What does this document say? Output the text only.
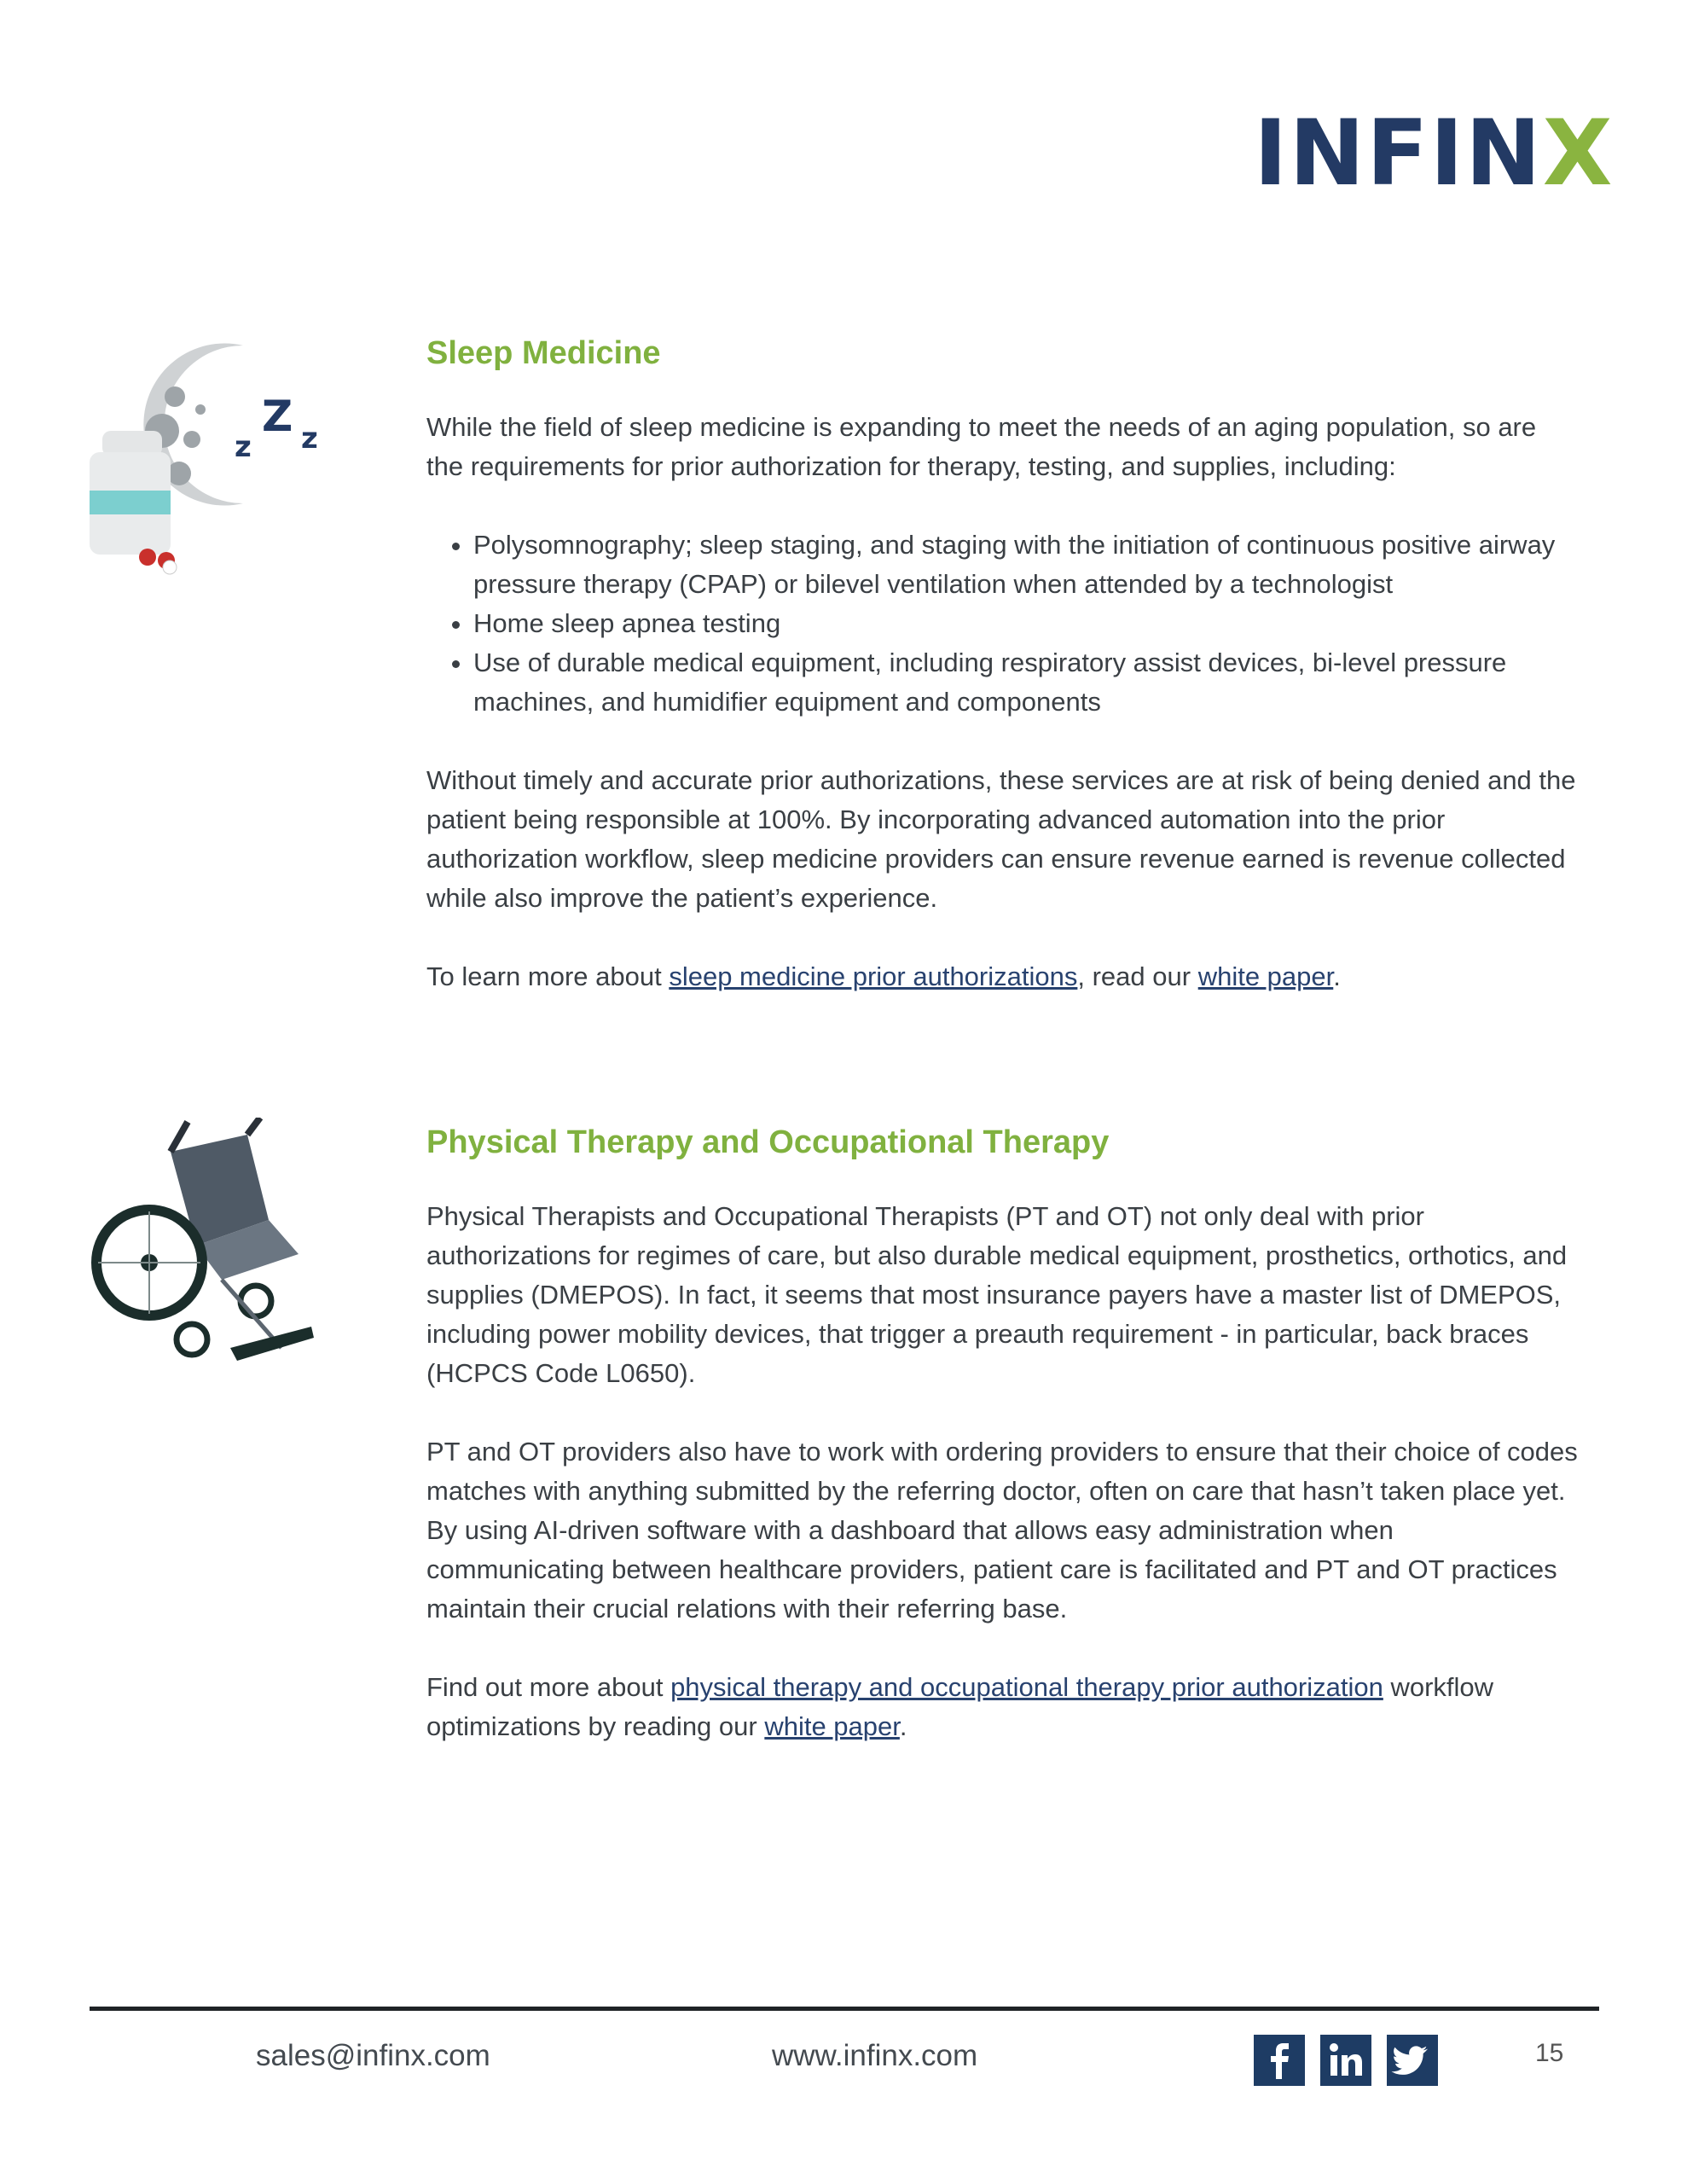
INFINX
z
Z z
Sleep Medicine

While the field of sleep medicine is expanding to meet the needs of an aging population, so are the requirements for prior authorization for therapy, testing, and supplies, including:

• Polysomnography; sleep staging, and staging with the initiation of continuous positive airway pressure therapy (CPAP) or bilevel ventilation when attended by a technologist
• Home sleep apnea testing
• Use of durable medical equipment, including respiratory assist devices, bi-level pressure machines, and humidifier equipment and components

Without timely and accurate prior authorizations, these services are at risk of being denied and the patient being responsible at 100%. By incorporating advanced automation into the prior authorization workflow, sleep medicine providers can ensure revenue earned is revenue collected while also improve the patient’s experience.

To learn more about sleep medicine prior authorizations, read our white paper.

Physical Therapy and Occupational Therapy

Physical Therapists and Occupational Therapists (PT and OT) not only deal with prior authorizations for regimes of care, but also durable medical equipment, prosthetics, orthotics, and supplies (DMEPOS). In fact, it seems that most insurance payers have a master list of DMEPOS, including power mobility devices, that trigger a preauth requirement - in particular, back braces (HCPCS Code L0650).

PT and OT providers also have to work with ordering providers to ensure that their choice of codes matches with anything submitted by the referring doctor, often on care that hasn’t taken place yet. By using AI-driven software with a dashboard that allows easy administration when communicating between healthcare providers, patient care is facilitated and PT and OT practices maintain their crucial relations with their referring base.

Find out more about physical therapy and occupational therapy prior authorization workflow optimizations by reading our white paper.

sales@infinx.com	www.infinx.com	15
